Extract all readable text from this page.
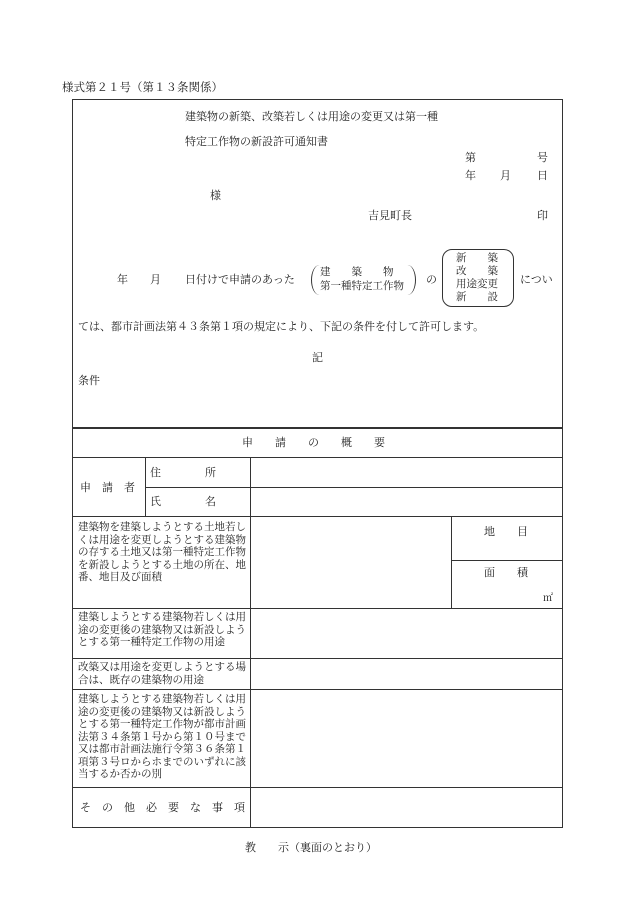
様式第２１号（第１３条関係）
建築物の新築、改築若しくは用途の変更又は第一種
特定工作物の新設許可通知書
第	号
年 月 日
様
吉見町長	印
年 月 日付けで申請のあった
建　　築　　物
第一種特定工作物 の
新　　築
改　　築
用途変更
新　　設
につい
ては、都市計画法第４３条第１項の規定により、下記の条件を付して許可します。
記
条件
申　　請　　の　　概　　要
申　請　者
住　　　　所
氏　　　　名
建築物を建築しようとする土地若しくは用途を変更しようとする建築物の存する土地又は第一種特定工作物を新設しようとする土地の所在、地番、地目及び面積
地　　目
面　　積
㎡
建築しようとする建築物若しくは用途の変更後の建築物又は新設しようとする第一種特定工作物の用途
改築又は用途を変更しようとする場合は、既存の建築物の用途
建築しようとする建築物若しくは用途の変更後の建築物又は新設しようとする第一種特定工作物が都市計画法第３４条第１号から第１０号まで又は都市計画法施行令第３６条第１項第３号ロからホまでのいずれに該当するか否かの別
そ　の　他　必　要　な　事　項
教　　示（裏面のとおり）
